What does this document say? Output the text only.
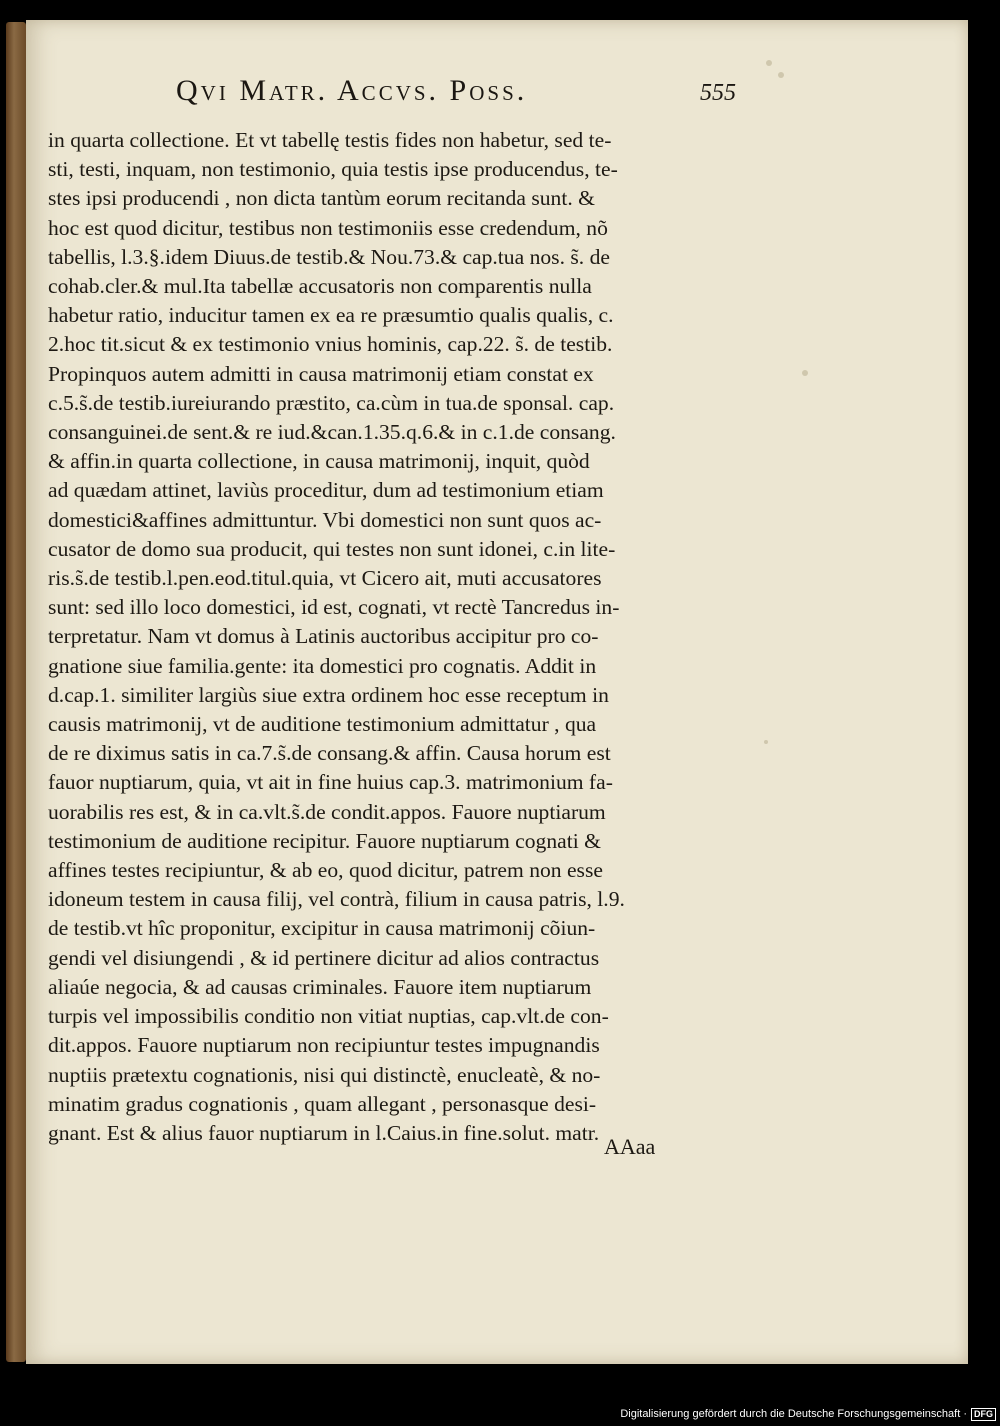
Qvi Matr. Accvs. Poss.	555
in quarta collectione. Et vt tabellę testis fides non habetur, sed te-
sti, testi, inquam, non testimonio, quia testis ipse producendus, te-
stes ipsi producendi , non dicta tantùm eorum recitanda sunt. &
hoc est quod dicitur, testibus non testimoniis esse credendum, nõ
tabellis, l.3.§.idem Diuus.de testib.& Nou.73.& cap.tua nos. s̃. de
cohab.cler.& mul.Ita tabellæ accusatoris non comparentis nulla
habetur ratio, inducitur tamen ex ea re præsumtio qualis qualis, c.
2.hoc tit.sicut & ex testimonio vnius hominis, cap.22. s̃. de testib.
Propinquos autem admitti in causa matrimonij etiam constat ex
c.5.s̃.de testib.iureiurando præstito, ca.cùm in tua.de sponsal. cap.
consanguinei.de sent.& re iud.&can.1.35.q.6.& in c.1.de consang.
& affin.in quarta collectione, in causa matrimonij, inquit, quòd
ad quædam attinet, laviùs proceditur, dum ad testimonium etiam
domestici&affines admittuntur. Vbi domestici non sunt quos ac-
cusator de domo sua producit, qui testes non sunt idonei, c.in lite-
ris.s̃.de testib.l.pen.eod.titul.quia, vt Cicero ait, muti accusatores
sunt: sed illo loco domestici, id est, cognati, vt rectè Tancredus in-
terpretatur. Nam vt domus à Latinis auctoribus accipitur pro co-
gnatione siue familia.gente: ita domestici pro cognatis. Addit in
d.cap.1. similiter largiùs siue extra ordinem hoc esse receptum in
causis matrimonij, vt de auditione testimonium admittatur , qua
de re diximus satis in ca.7.s̃.de consang.& affin. Causa horum est
fauor nuptiarum, quia, vt ait in fine huius cap.3. matrimonium fa-
uorabilis res est, & in ca.vlt.s̃.de condit.appos. Fauore nuptiarum
testimonium de auditione recipitur. Fauore nuptiarum cognati &
affines testes recipiuntur, & ab eo, quod dicitur, patrem non esse
idoneum testem in causa filij, vel contrà, filium in causa patris, l.9.
de testib.vt hîc proponitur, excipitur in causa matrimonij cõiun-
gendi vel disiungendi , & id pertinere dicitur ad alios contractus
aliaúe negocia, & ad causas criminales. Fauore item nuptiarum
turpis vel impossibilis conditio non vitiat nuptias, cap.vlt.de con-
dit.appos. Fauore nuptiarum non recipiuntur testes impugnandis
nuptiis prætextu cognationis, nisi qui distinctè, enucleatè, & no-
minatim gradus cognationis , quam allegant , personasque desi-
gnant. Est & alius fauor nuptiarum in l.Caius.in fine.solut. matr.
AAaa
Digitalisierung gefördert durch die Deutsche Forschungsgemeinschaft · DFG
